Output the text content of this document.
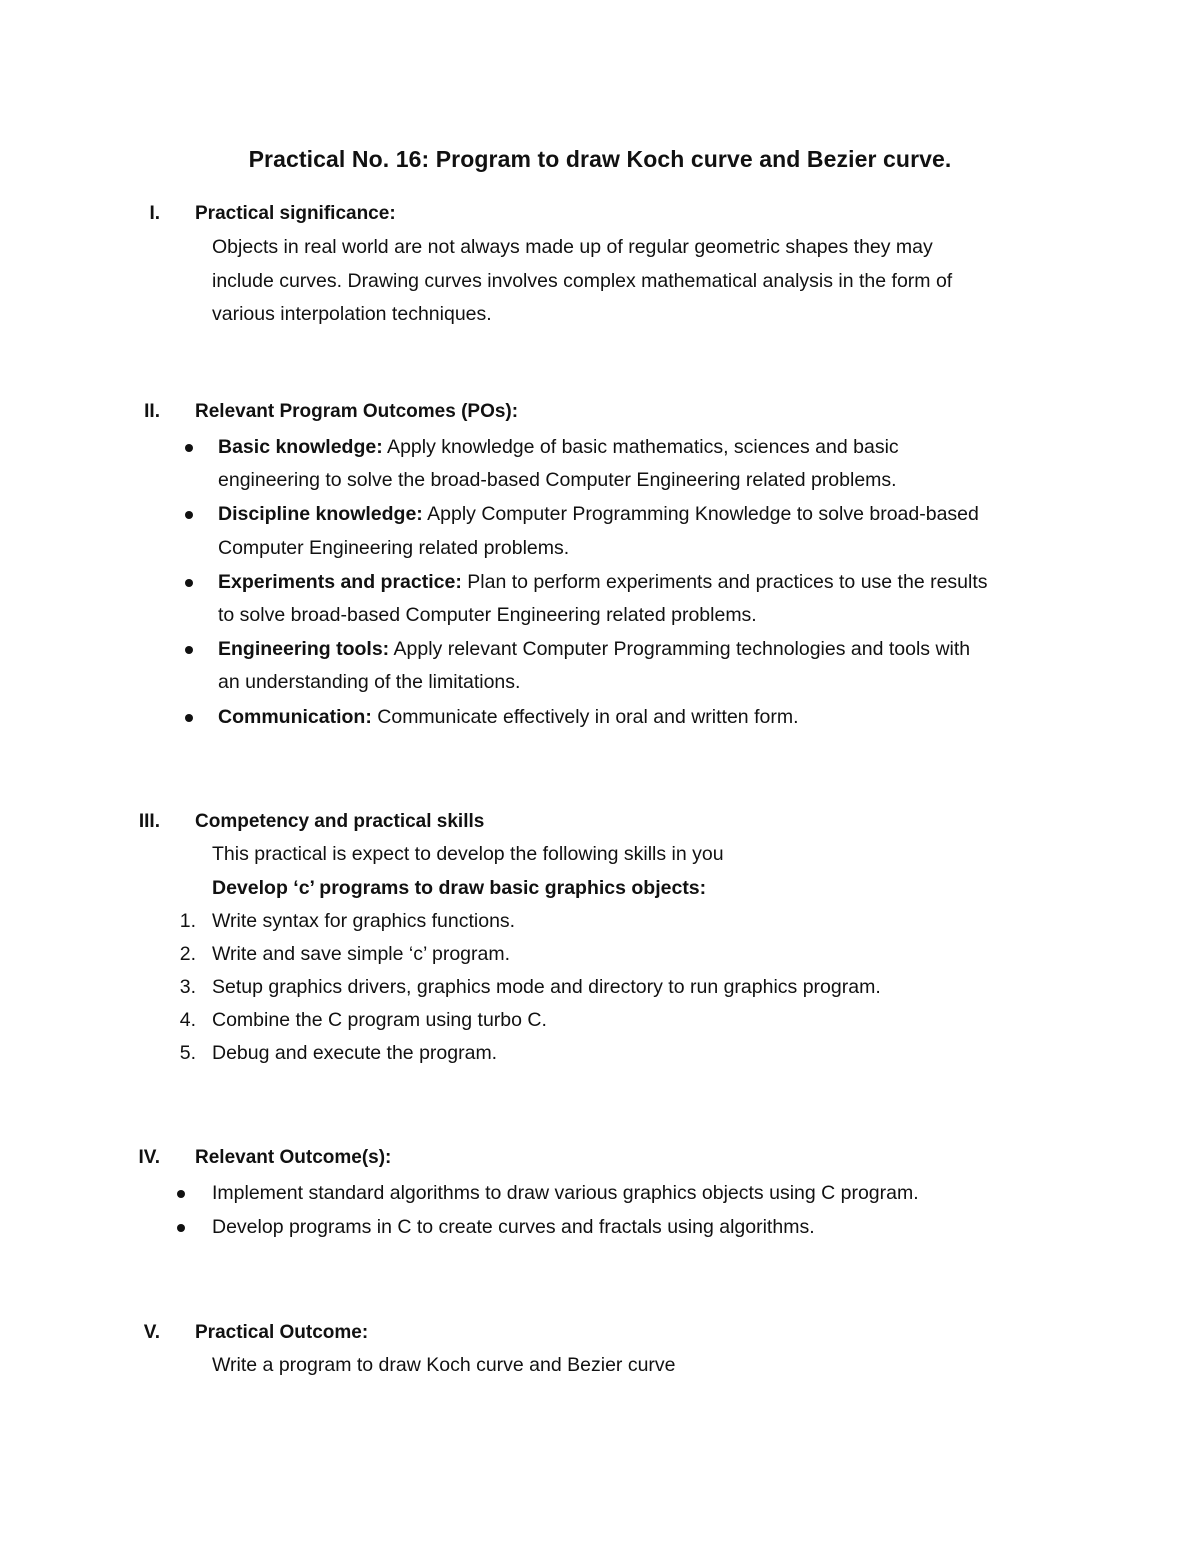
Practical No. 16: Program to draw Koch curve and Bezier curve.
I. Practical significance:
Objects in real world are not always made up of regular geometric shapes they may
include curves. Drawing curves involves complex mathematical analysis in the form of
various interpolation techniques.
II. Relevant Program Outcomes (POs):
Basic knowledge: Apply knowledge of basic mathematics, sciences and basic
engineering to solve the broad-based Computer Engineering related problems.
Discipline knowledge: Apply Computer Programming Knowledge to solve broad-based
Computer Engineering related problems.
Experiments and practice: Plan to perform experiments and practices to use the results
to solve broad-based Computer Engineering related problems.
Engineering tools: Apply relevant Computer Programming technologies and tools with
an understanding of the limitations.
Communication: Communicate effectively in oral and written form.
III. Competency and practical skills
This practical is expect to develop the following skills in you
Develop ‘c’ programs to draw basic graphics objects:
1. Write syntax for graphics functions.
2. Write and save simple ‘c’ program.
3. Setup graphics drivers, graphics mode and directory to run graphics program.
4. Combine the C program using turbo C.
5. Debug and execute the program.
IV. Relevant Outcome(s):
Implement standard algorithms to draw various graphics objects using C program.
Develop programs in C to create curves and fractals using algorithms.
V. Practical Outcome:
Write a program to draw Koch curve and Bezier curve
